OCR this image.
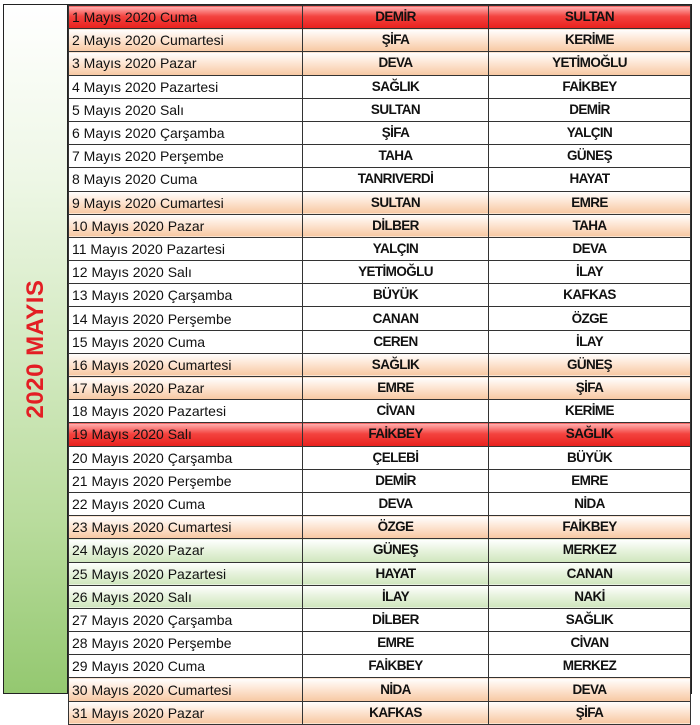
2020 MAYIS
1 Mayıs 2020 Cuma	DEMİR	SULTAN
2 Mayıs 2020 Cumartesi	ŞİFA	KERİME
3 Mayıs 2020 Pazar	DEVA	YETİMOĞLU
4 Mayıs 2020 Pazartesi	SAĞLIK	FAİKBEY
5 Mayıs 2020 Salı	SULTAN	DEMİR
6 Mayıs 2020 Çarşamba	ŞİFA	YALÇIN
7 Mayıs 2020 Perşembe	TAHA	GÜNEŞ
8 Mayıs 2020 Cuma	TANRIVERDİ	HAYAT
9 Mayıs 2020 Cumartesi	SULTAN	EMRE
10 Mayıs 2020 Pazar	DİLBER	TAHA
11 Mayıs 2020 Pazartesi	YALÇIN	DEVA
12 Mayıs 2020 Salı	YETİMOĞLU	İLAY
13 Mayıs 2020 Çarşamba	BÜYÜK	KAFKAS
14 Mayıs 2020 Perşembe	CANAN	ÖZGE
15 Mayıs 2020 Cuma	CEREN	İLAY
16 Mayıs 2020 Cumartesi	SAĞLIK	GÜNEŞ
17 Mayıs 2020 Pazar	EMRE	ŞİFA
18 Mayıs 2020 Pazartesi	CİVAN	KERİME
19 Mayıs 2020 Salı	FAİKBEY	SAĞLIK
20 Mayıs 2020 Çarşamba	ÇELEBİ	BÜYÜK
21 Mayıs 2020 Perşembe	DEMİR	EMRE
22 Mayıs 2020 Cuma	DEVA	NİDA
23 Mayıs 2020 Cumartesi	ÖZGE	FAİKBEY
24 Mayıs 2020 Pazar	GÜNEŞ	MERKEZ
25 Mayıs 2020 Pazartesi	HAYAT	CANAN
26 Mayıs 2020 Salı	İLAY	NAKİ
27 Mayıs 2020 Çarşamba	DİLBER	SAĞLIK
28 Mayıs 2020 Perşembe	EMRE	CİVAN
29 Mayıs 2020 Cuma	FAİKBEY	MERKEZ
30 Mayıs 2020 Cumartesi	NİDA	DEVA
31 Mayıs 2020 Pazar	KAFKAS	ŞİFA
